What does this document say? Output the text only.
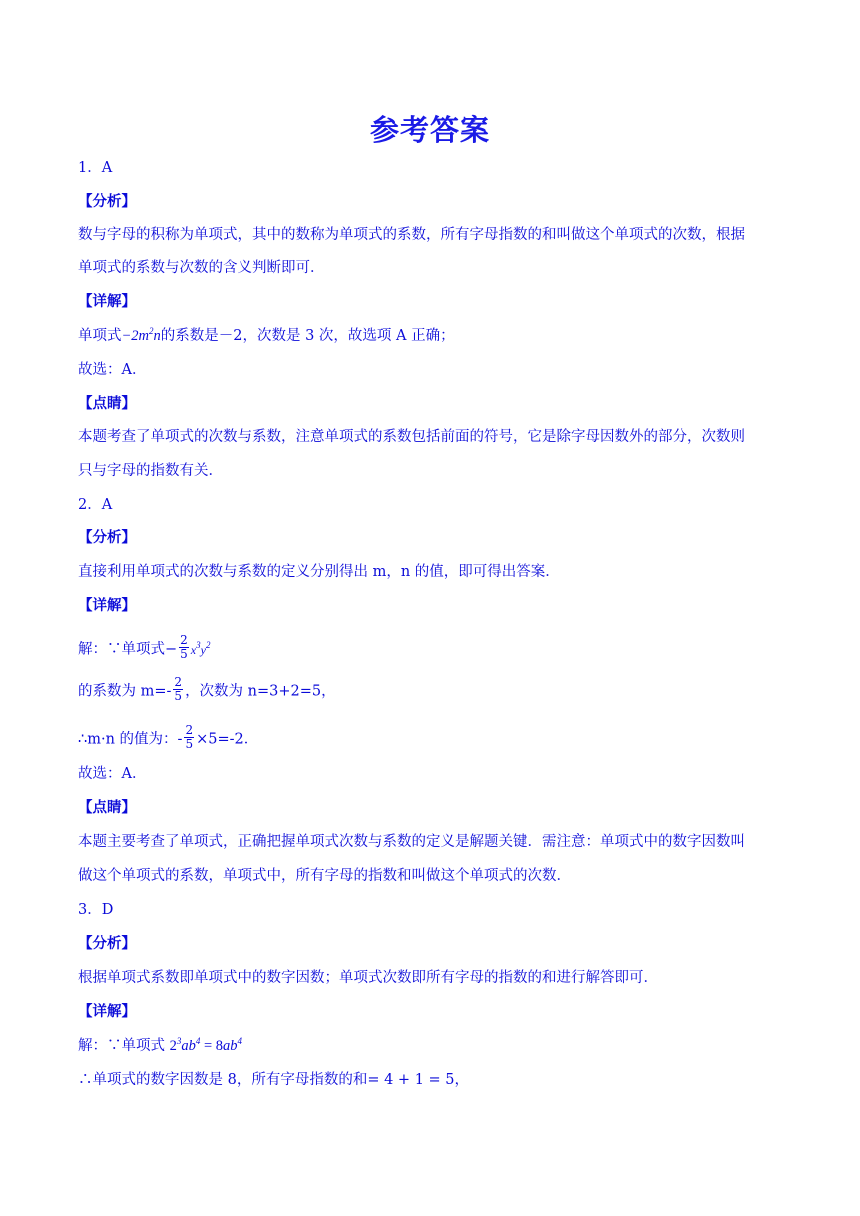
参考答案
1．A
【分析】
数与字母的积称为单项式，其中的数称为单项式的系数，所有字母指数的和叫做这个单项式的次数，根据
单项式的系数与次数的含义判断即可．
【详解】
单项式$-2m^2n$的系数是－2，次数是 3 次，故选项 A 正确；
故选：A．
【点睛】
本题考查了单项式的次数与系数，注意单项式的系数包括前面的符号，它是除字母因数外的部分，次数则
只与字母的指数有关．
2．A
【分析】
直接利用单项式的次数与系数的定义分别得出 m，n 的值，即可得出答案．
【详解】
解：∵单项式− $\frac{2}{5} x^3y^2$
的系数为 $m=- \frac{2}{5}$ ，次数为 n=3+2=5，
∴m·n 的值为：- $\frac{2}{5} \times 5=-2$．
故选：A．
【点睛】
本题主要考查了单项式，正确把握单项式次数与系数的定义是解题关键．需注意：单项式中的数字因数叫
做这个单项式的系数，单项式中，所有字母的指数和叫做这个单项式的次数．
3．D
【分析】
根据单项式系数即单项式中的数字因数；单项式次数即所有字母的指数的和进行解答即可．
【详解】
解：∵单项式 $2^3ab^4 = 8ab^4$
∴单项式的数字因数是 8，所有字母指数的和= 4 + 1 = 5，
